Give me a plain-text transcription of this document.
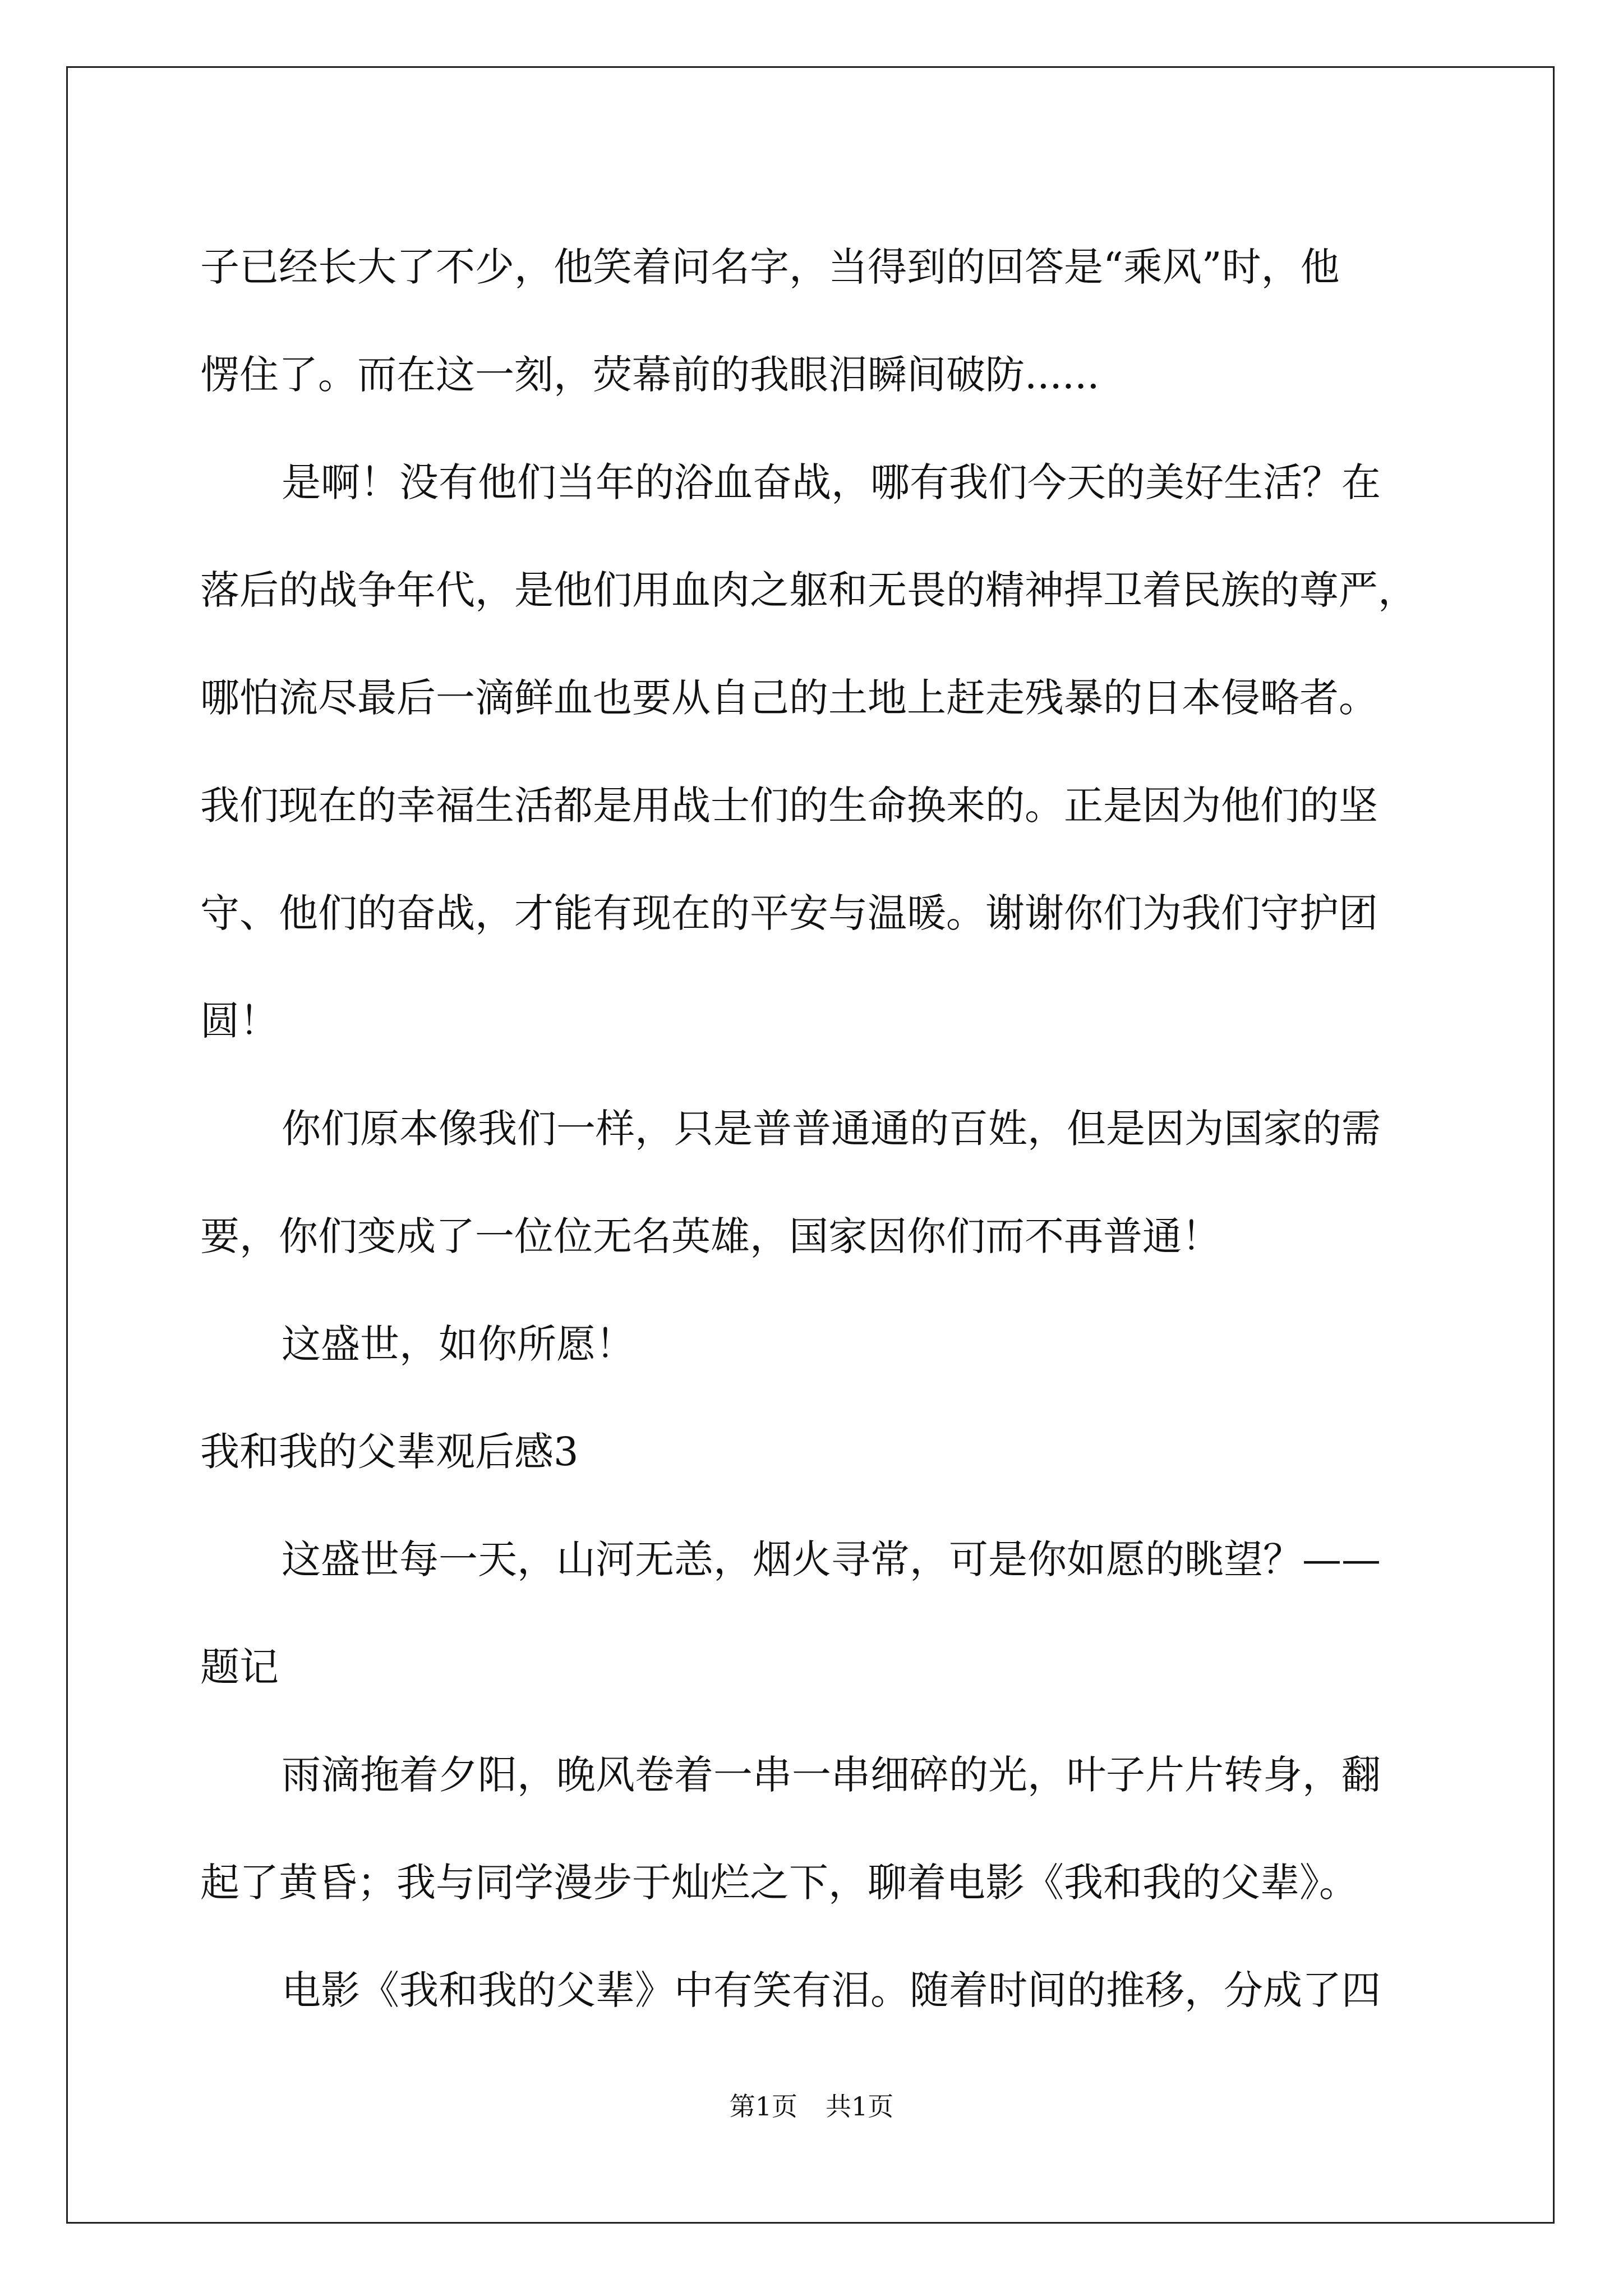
子已经长大了不少，他笑着问名字，当得到的回答是“乘风”时，他

愣住了。而在这一刻，荧幕前的我眼泪瞬间破防......

是啊！没有他们当年的浴血奋战，哪有我们今天的美好生活？在

落后的战争年代，是他们用血肉之躯和无畏的精神捍卫着民族的尊严，

哪怕流尽最后一滴鲜血也要从自己的土地上赶走残暴的日本侵略者。

我们现在的幸福生活都是用战士们的生命换来的。正是因为他们的坚

守、他们的奋战，才能有现在的平安与温暖。谢谢你们为我们守护团

圆！

你们原本像我们一样，只是普普通通的百姓，但是因为国家的需

要，你们变成了一位位无名英雄，国家因你们而不再普通！

这盛世，如你所愿！

我和我的父辈观后感3

这盛世每一天，山河无恙，烟火寻常，可是你如愿的眺望？——

题记

雨滴拖着夕阳，晚风卷着一串一串细碎的光，叶子片片转身，翻

起了黄昏；我与同学漫步于灿烂之下，聊着电影《我和我的父辈》。

电影《我和我的父辈》中有笑有泪。随着时间的推移，分成了四

第1页 共1页
